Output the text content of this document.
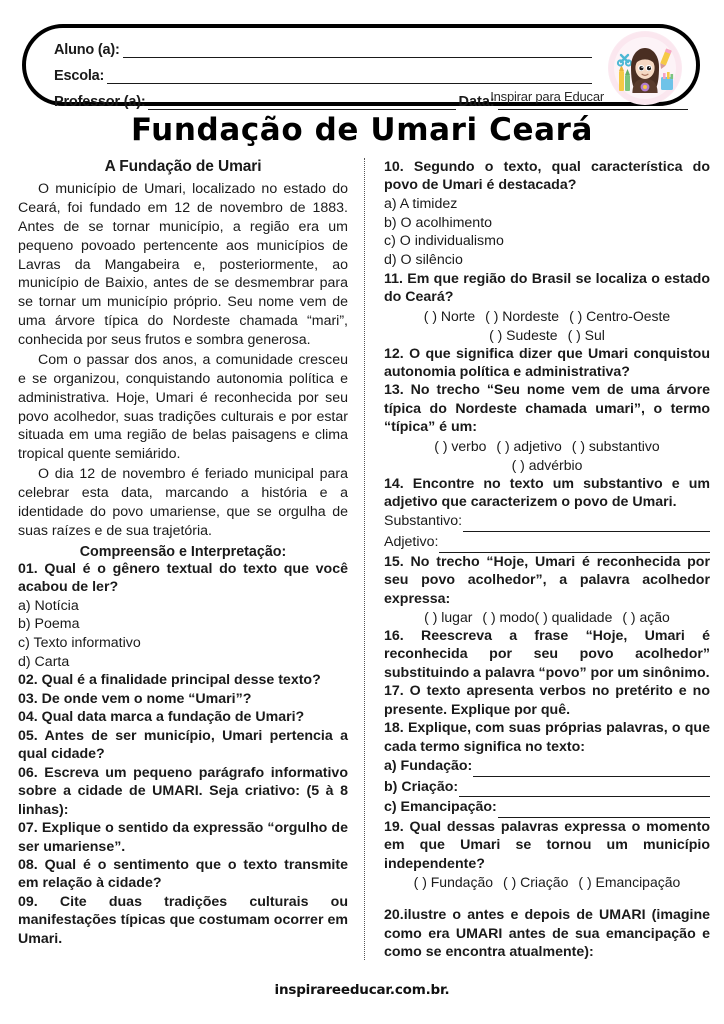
Aluno (a):
Escola:
Professor (a):	Data:
Inspirar para Educar
Fundação de Umari Ceará
A Fundação de Umari

O município de Umari, localizado no estado do Ceará, foi fundado em 12 de novembro de 1883. Antes de se tornar município, a região era um pequeno povoado pertencente aos municípios de Lavras da Mangabeira e, posteriormente, ao município de Baixio, antes de se desmembrar para se tornar um município próprio. Seu nome vem de uma árvore típica do Nordeste chamada “mari”, conhecida por seus frutos e sombra generosa.

Com o passar dos anos, a comunidade cresceu e se organizou, conquistando autonomia política e administrativa. Hoje, Umari é reconhecida por seu povo acolhedor, suas tradições culturais e por estar situada em uma região de belas paisagens e clima tropical quente semiárido.

O dia 12 de novembro é feriado municipal para celebrar esta data, marcando a história e a identidade do povo umariense, que se orgulha de suas raízes e de sua trajetória.

Compreensão e Interpretação:
01. Qual é o gênero textual do texto que você acabou de ler?
a) Notícia
b) Poema
c) Texto informativo
d) Carta
02. Qual é a finalidade principal desse texto?
03. De onde vem o nome “Umari”?
04. Qual data marca a fundação de Umari?
05. Antes de ser município, Umari pertencia a qual cidade?
06. Escreva um pequeno parágrafo informativo sobre a cidade de UMARI. Seja criativo: (5 à 8 linhas):
07. Explique o sentido da expressão “orgulho de ser umariense”.
08. Qual é o sentimento que o texto transmite em relação à cidade?
09. Cite duas tradições culturais ou manifestações típicas que costumam ocorrer em Umari.
10. Segundo o texto, qual característica do povo de Umari é destacada?
a) A timidez
b) O acolhimento
c) O individualismo
d) O silêncio
11. Em que região do Brasil se localiza o estado do Ceará?
( ) Norte ( ) Nordeste ( ) Centro-Oeste
( ) Sudeste ( ) Sul
12. O que significa dizer que Umari conquistou autonomia política e administrativa?
13. No trecho “Seu nome vem de uma árvore típica do Nordeste chamada umari”, o termo “típica” é um:
( ) verbo ( ) adjetivo ( ) substantivo
( ) advérbio
14. Encontre no texto um substantivo e um adjetivo que caracterizem o povo de Umari.
Substantivo:
Adjetivo:
15. No trecho “Hoje, Umari é reconhecida por seu povo acolhedor”, a palavra acolhedor expressa:
( ) lugar ( ) modo( ) qualidade ( ) ação
16. Reescreva a frase “Hoje, Umari é reconhecida por seu povo acolhedor” substituindo a palavra “povo” por um sinônimo.
17. O texto apresenta verbos no pretérito e no presente. Explique por quê.
18. Explique, com suas próprias palavras, o que cada termo significa no texto:
a) Fundação:
b) Criação:
c) Emancipação:
19. Qual dessas palavras expressa o momento em que Umari se tornou um município independente?
( ) Fundação ( ) Criação ( ) Emancipação
20.ilustre o antes e depois de UMARI (imagine como era UMARI antes de sua emancipação e como se encontra atualmente):
inspirareeducar.com.br.
